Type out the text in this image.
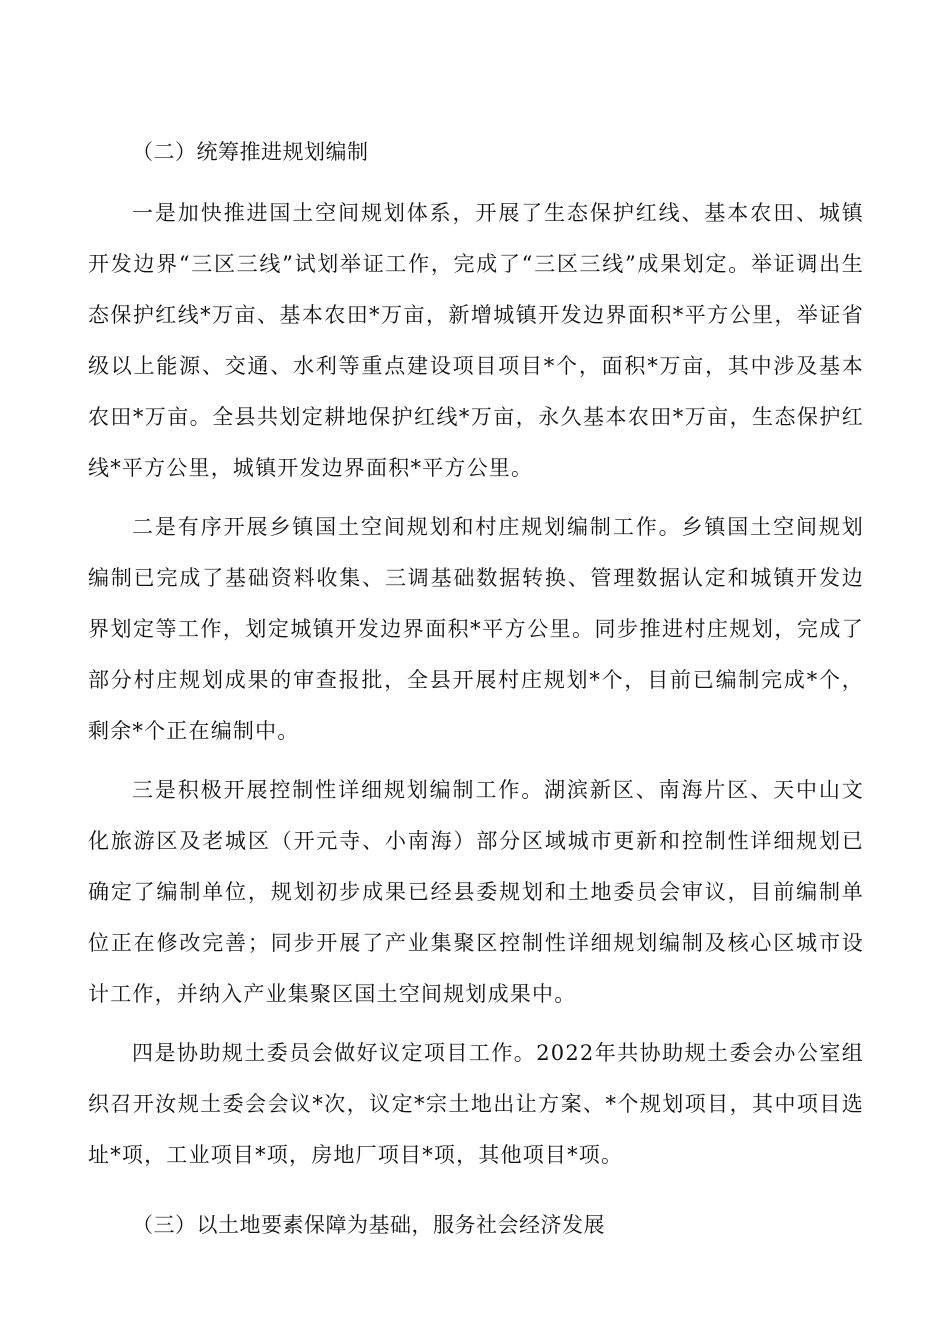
（二）统筹推进规划编制

一是加快推进国土空间规划体系，开展了生态保护红线、基本农田、城镇开发边界“三区三线”试划举证工作，完成了“三区三线”成果划定。举证调出生态保护红线*万亩、基本农田*万亩，新增城镇开发边界面积*平方公里，举证省级以上能源、交通、水利等重点建设项目项目*个，面积*万亩，其中涉及基本农田*万亩。全县共划定耕地保护红线*万亩，永久基本农田*万亩，生态保护红线*平方公里，城镇开发边界面积*平方公里。

二是有序开展乡镇国土空间规划和村庄规划编制工作。乡镇国土空间规划编制已完成了基础资料收集、三调基础数据转换、管理数据认定和城镇开发边界划定等工作，划定城镇开发边界面积*平方公里。同步推进村庄规划，完成了部分村庄规划成果的审查报批，全县开展村庄规划*个，目前已编制完成*个，剩余*个正在编制中。

三是积极开展控制性详细规划编制工作。湖滨新区、南海片区、天中山文化旅游区及老城区（开元寺、小南海）部分区域城市更新和控制性详细规划已确定了编制单位，规划初步成果已经县委规划和土地委员会审议，目前编制单位正在修改完善；同步开展了产业集聚区控制性详细规划编制及核心区城市设计工作，并纳入产业集聚区国土空间规划成果中。

四是协助规土委员会做好议定项目工作。2022年共协助规土委会办公室组织召开汝规土委会会议*次，议定*宗土地出让方案、*个规划项目，其中项目选址*项，工业项目*项，房地厂项目*项，其他项目*项。

（三）以土地要素保障为基础，服务社会经济发展
